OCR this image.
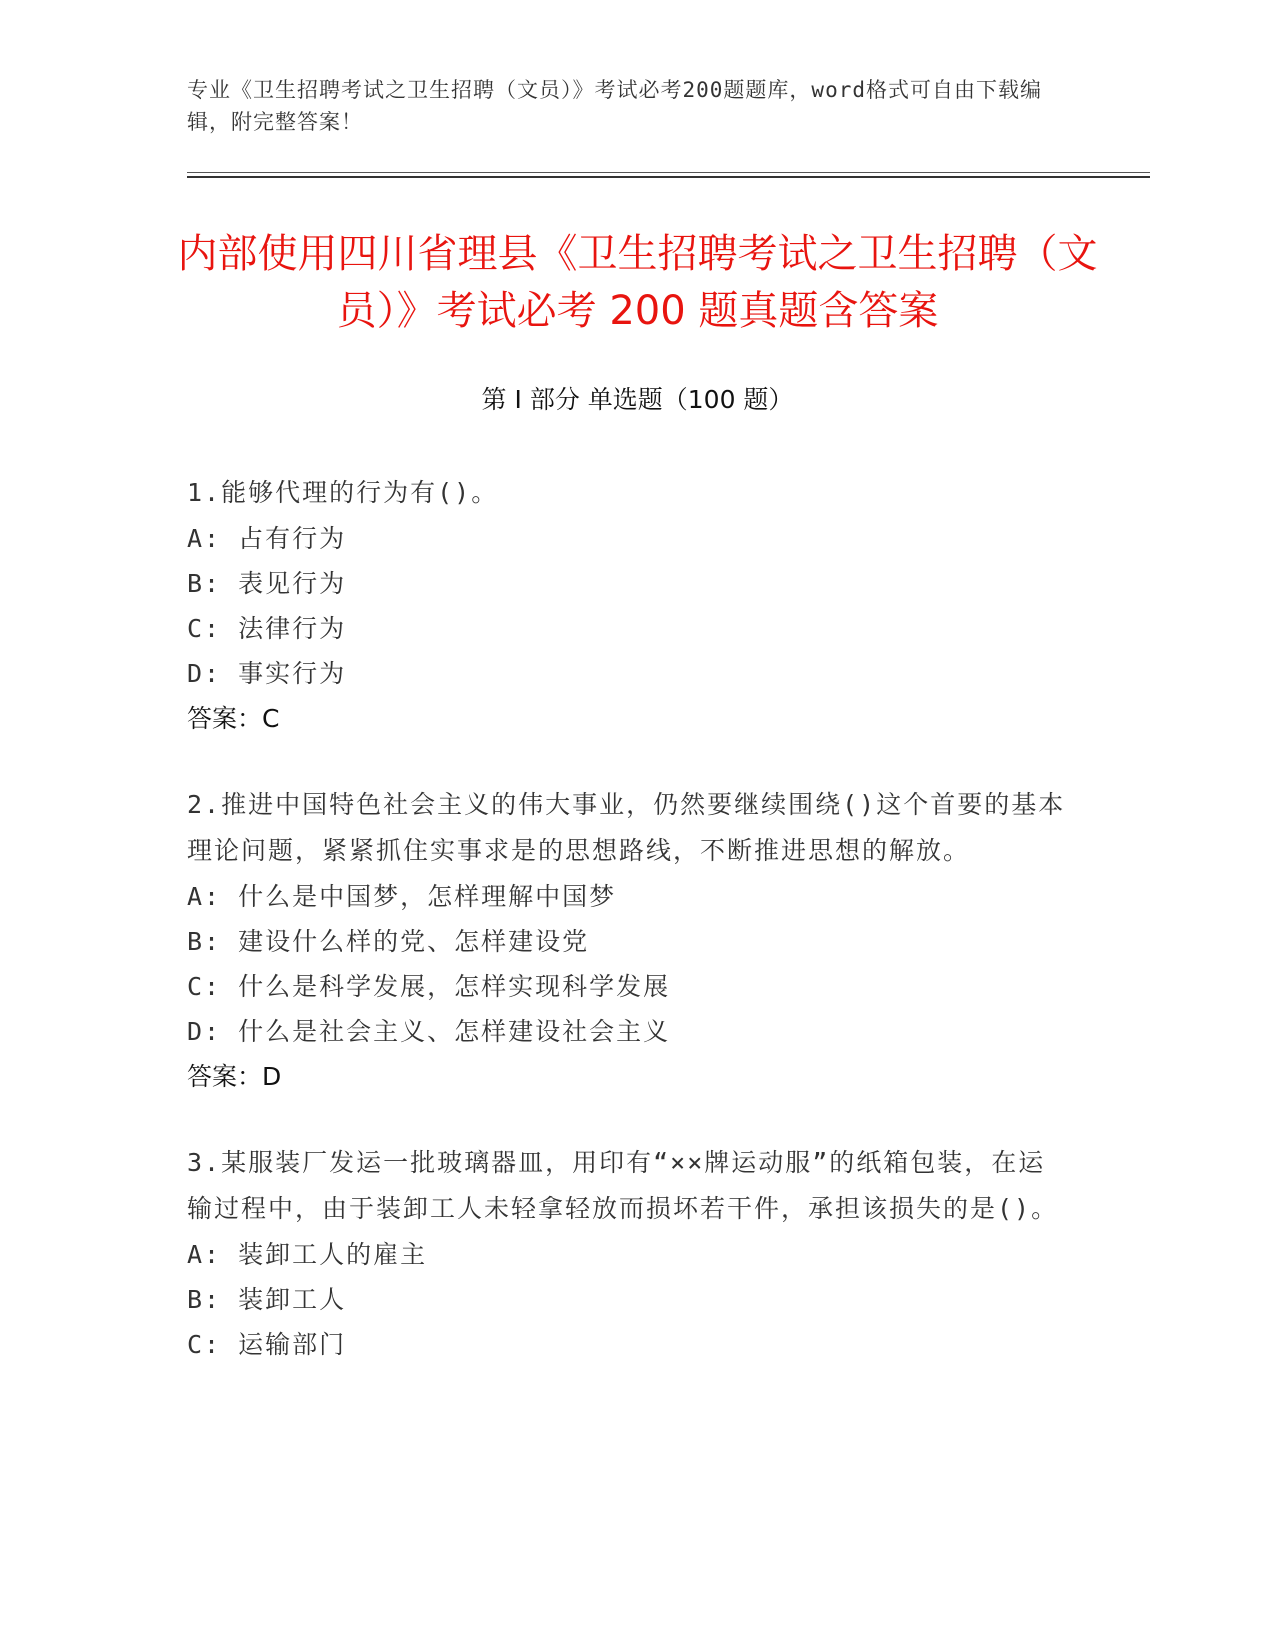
专业《卫生招聘考试之卫生招聘（文员）》考试必考200题题库，word格式可自由下载编辑，附完整答案！
内部使用四川省理县《卫生招聘考试之卫生招聘（文员）》考试必考 200 题真题含答案
第 I 部分 单选题（100 题）

1.能够代理的行为有()。

A: 占有行为

B: 表见行为

C: 法律行为

D: 事实行为

答案：C

2.推进中国特色社会主义的伟大事业，仍然要继续围绕()这个首要的基本理论问题，紧紧抓住实事求是的思想路线，不断推进思想的解放。

A: 什么是中国梦，怎样理解中国梦

B: 建设什么样的党、怎样建设党

C: 什么是科学发展，怎样实现科学发展

D: 什么是社会主义、怎样建设社会主义

答案：D

3.某服装厂发运一批玻璃器皿，用印有“××牌运动服”的纸箱包装，在运输过程中，由于装卸工人未轻拿轻放而损坏若干件，承担该损失的是()。

A: 装卸工人的雇主

B: 装卸工人

C: 运输部门
